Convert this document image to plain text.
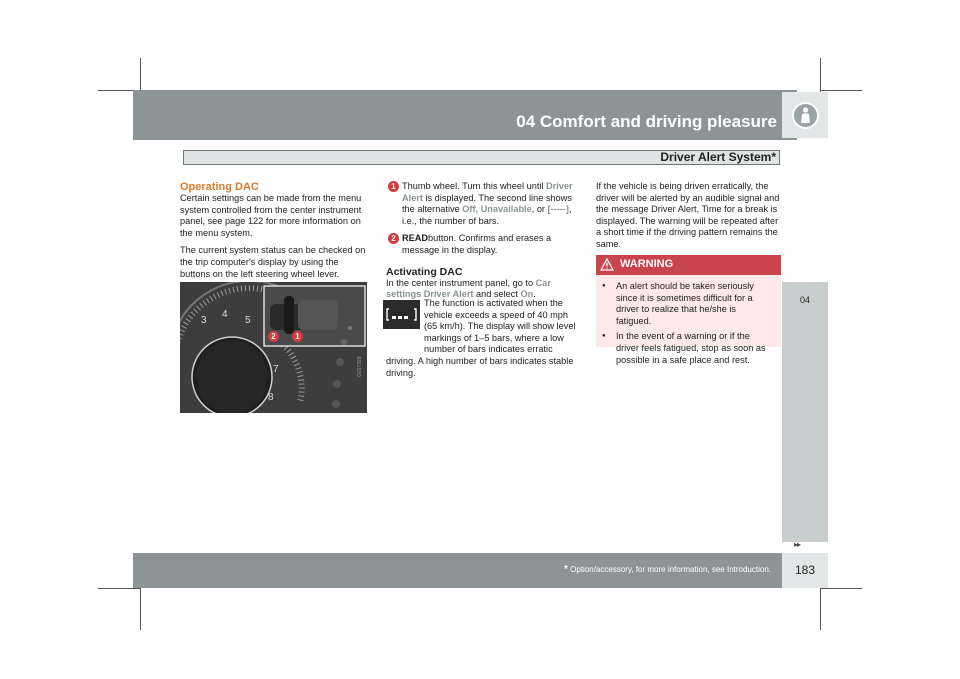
04 Comfort and driving pleasure
Driver Alert System*
04
Operating DAC

Certain settings can be made from the menu system controlled from the center instrument panel, see page 122 for more information on the menu system.

The current system status can be checked on the trip computer's display by using the buttons on the left steering wheel lever.

3
4
5
7
8
2	1
G017328
1 Thumb wheel. Turn this wheel until Driver Alert is displayed. The second line shows the alternative Off, Unavailable, or [-----], i.e., the number of bars.
2 READbutton. Confirms and erases a message in the display.
Activating DAC

In the center instrument panel, go to Car settings Driver Alert and select On.

The function is activated when the vehicle exceeds a speed of 40 mph (65 km/h). The display will show level markings of 1–5 bars, where a low number of bars indicates erratic driving. A high number of bars indicates stable driving.
If the vehicle is being driven erratically, the driver will be alerted by an audible signal and the message Driver Alert, Time for a break is displayed. The warning will be repeated after a short time if the driving pattern remains the same.
WARNING
● An alert should be taken seriously since it is sometimes difficult for a driver to realize that he/she is fatigued.
● In the event of a warning or if the driver feels fatigued, stop as soon as possible in a safe place and rest.
▸▸
* Option/accessory, for more information, see Introduction.	183
